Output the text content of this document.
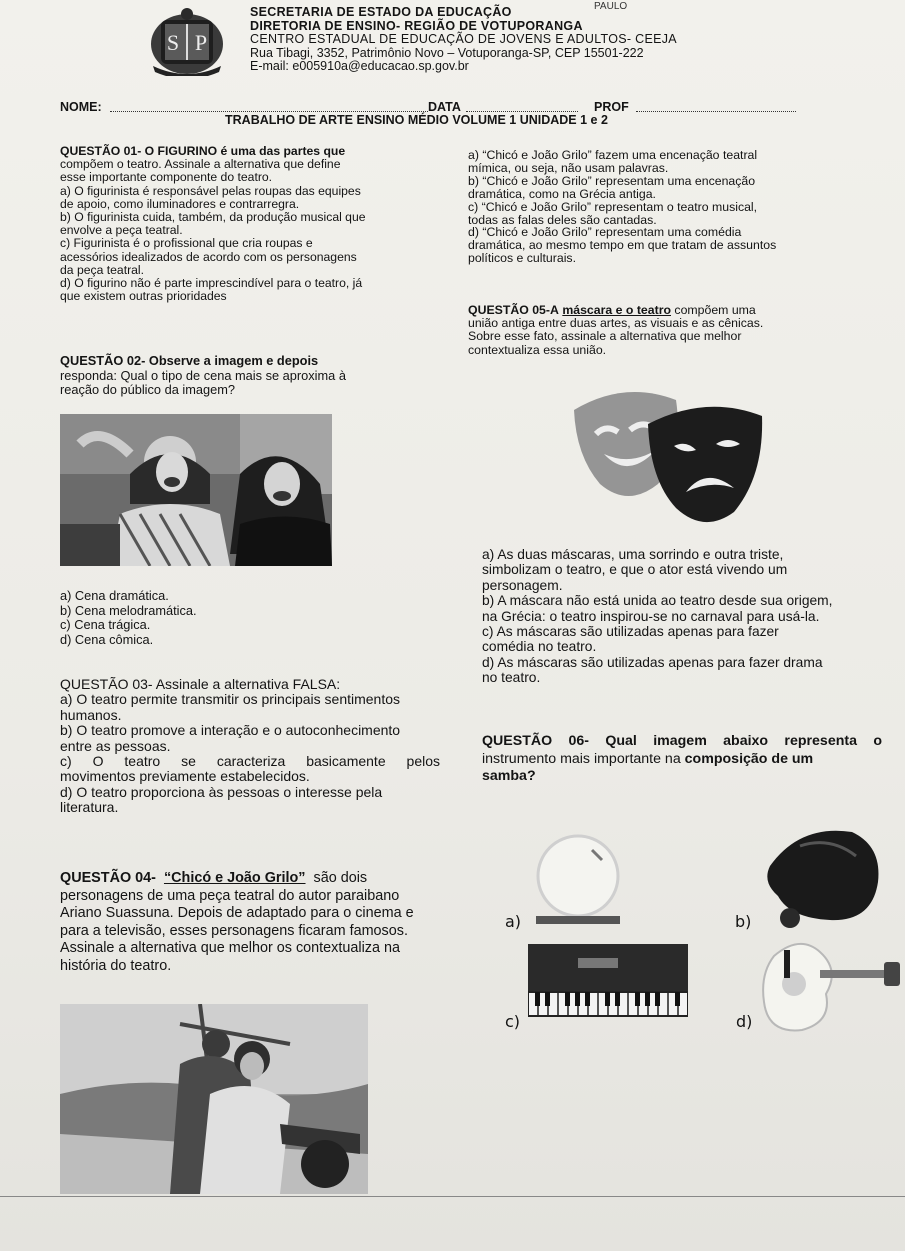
S P
SECRETARIA DE ESTADO DA EDUCAÇÃO
DIRETORIA DE ENSINO- REGIÃO DE VOTUPORANGA
CENTRO ESTADUAL DE EDUCAÇÃO DE JOVENS E ADULTOS- CEEJA
Rua Tibagi, 3352, Patrimônio Novo – Votuporanga-SP, CEP 15501-222
E-mail: e005910a@educacao.sp.gov.br
PAULO
NOME:	DATA	PROF
TRABALHO DE ARTE ENSINO MÉDIO VOLUME 1 UNIDADE 1 e 2

QUESTÃO 01- O FIGURINO é uma das partes que

compõem o teatro. Assinale a alternativa que define

esse importante componente do teatro.

a) O figurinista é responsável pelas roupas das equipes

de apoio, como iluminadores e contrarregra.

b) O figurinista cuida, também, da produção musical que

envolve a peça teatral.

c) Figurinista é o profissional que cria roupas e

acessórios idealizados de acordo com os personagens

da peça teatral.

d) O figurino não é parte imprescindível para o teatro, já

que existem outras prioridades

QUESTÃO 02- Observe a imagem e depois

responda: Qual o tipo de cena mais se aproxima à

reação do público da imagem?

a) Cena dramática.

b) Cena melodramática.

c) Cena trágica.

d) Cena cômica.

QUESTÃO 03- Assinale a alternativa FALSA:

a) O teatro permite transmitir os principais sentimentos

humanos.

b) O teatro promove a interação e o autoconhecimento

entre as pessoas.

c) O teatro se caracteriza basicamente pelos

movimentos previamente estabelecidos.

d) O teatro proporciona às pessoas o interesse pela

literatura.

QUESTÃO 04- “Chicó e João Grilo” são dois

personagens de uma peça teatral do autor paraibano

Ariano Suassuna. Depois de adaptado para o cinema e

para a televisão, esses personagens ficaram famosos.

Assinale a alternativa que melhor os contextualiza na

história do teatro.

a) “Chicó e João Grilo” fazem uma encenação teatral

mímica, ou seja, não usam palavras.

b) “Chicó e João Grilo” representam uma encenação

dramática, como na Grécia antiga.

c) “Chicó e João Grilo” representam o teatro musical,

todas as falas deles são cantadas.

d) “Chicó e João Grilo” representam uma comédia

dramática, ao mesmo tempo em que tratam de assuntos

políticos e culturais.

QUESTÃO 05-A máscara e o teatro compõem uma

união antiga entre duas artes, as visuais e as cênicas.

Sobre esse fato, assinale a alternativa que melhor

contextualiza essa união.

a) As duas máscaras, uma sorrindo e outra triste,

simbolizam o teatro, e que o ator está vivendo um

personagem.

b) A máscara não está unida ao teatro desde sua origem,

na Grécia: o teatro inspirou-se no carnaval para usá-la.

c) As máscaras são utilizadas apenas para fazer

comédia no teatro.

d) As máscaras são utilizadas apenas para fazer drama

no teatro.

QUESTÃO 06- Qual imagem abaixo representa o

instrumento mais importante na composição de um

samba?

a)	b)
c)	d)
